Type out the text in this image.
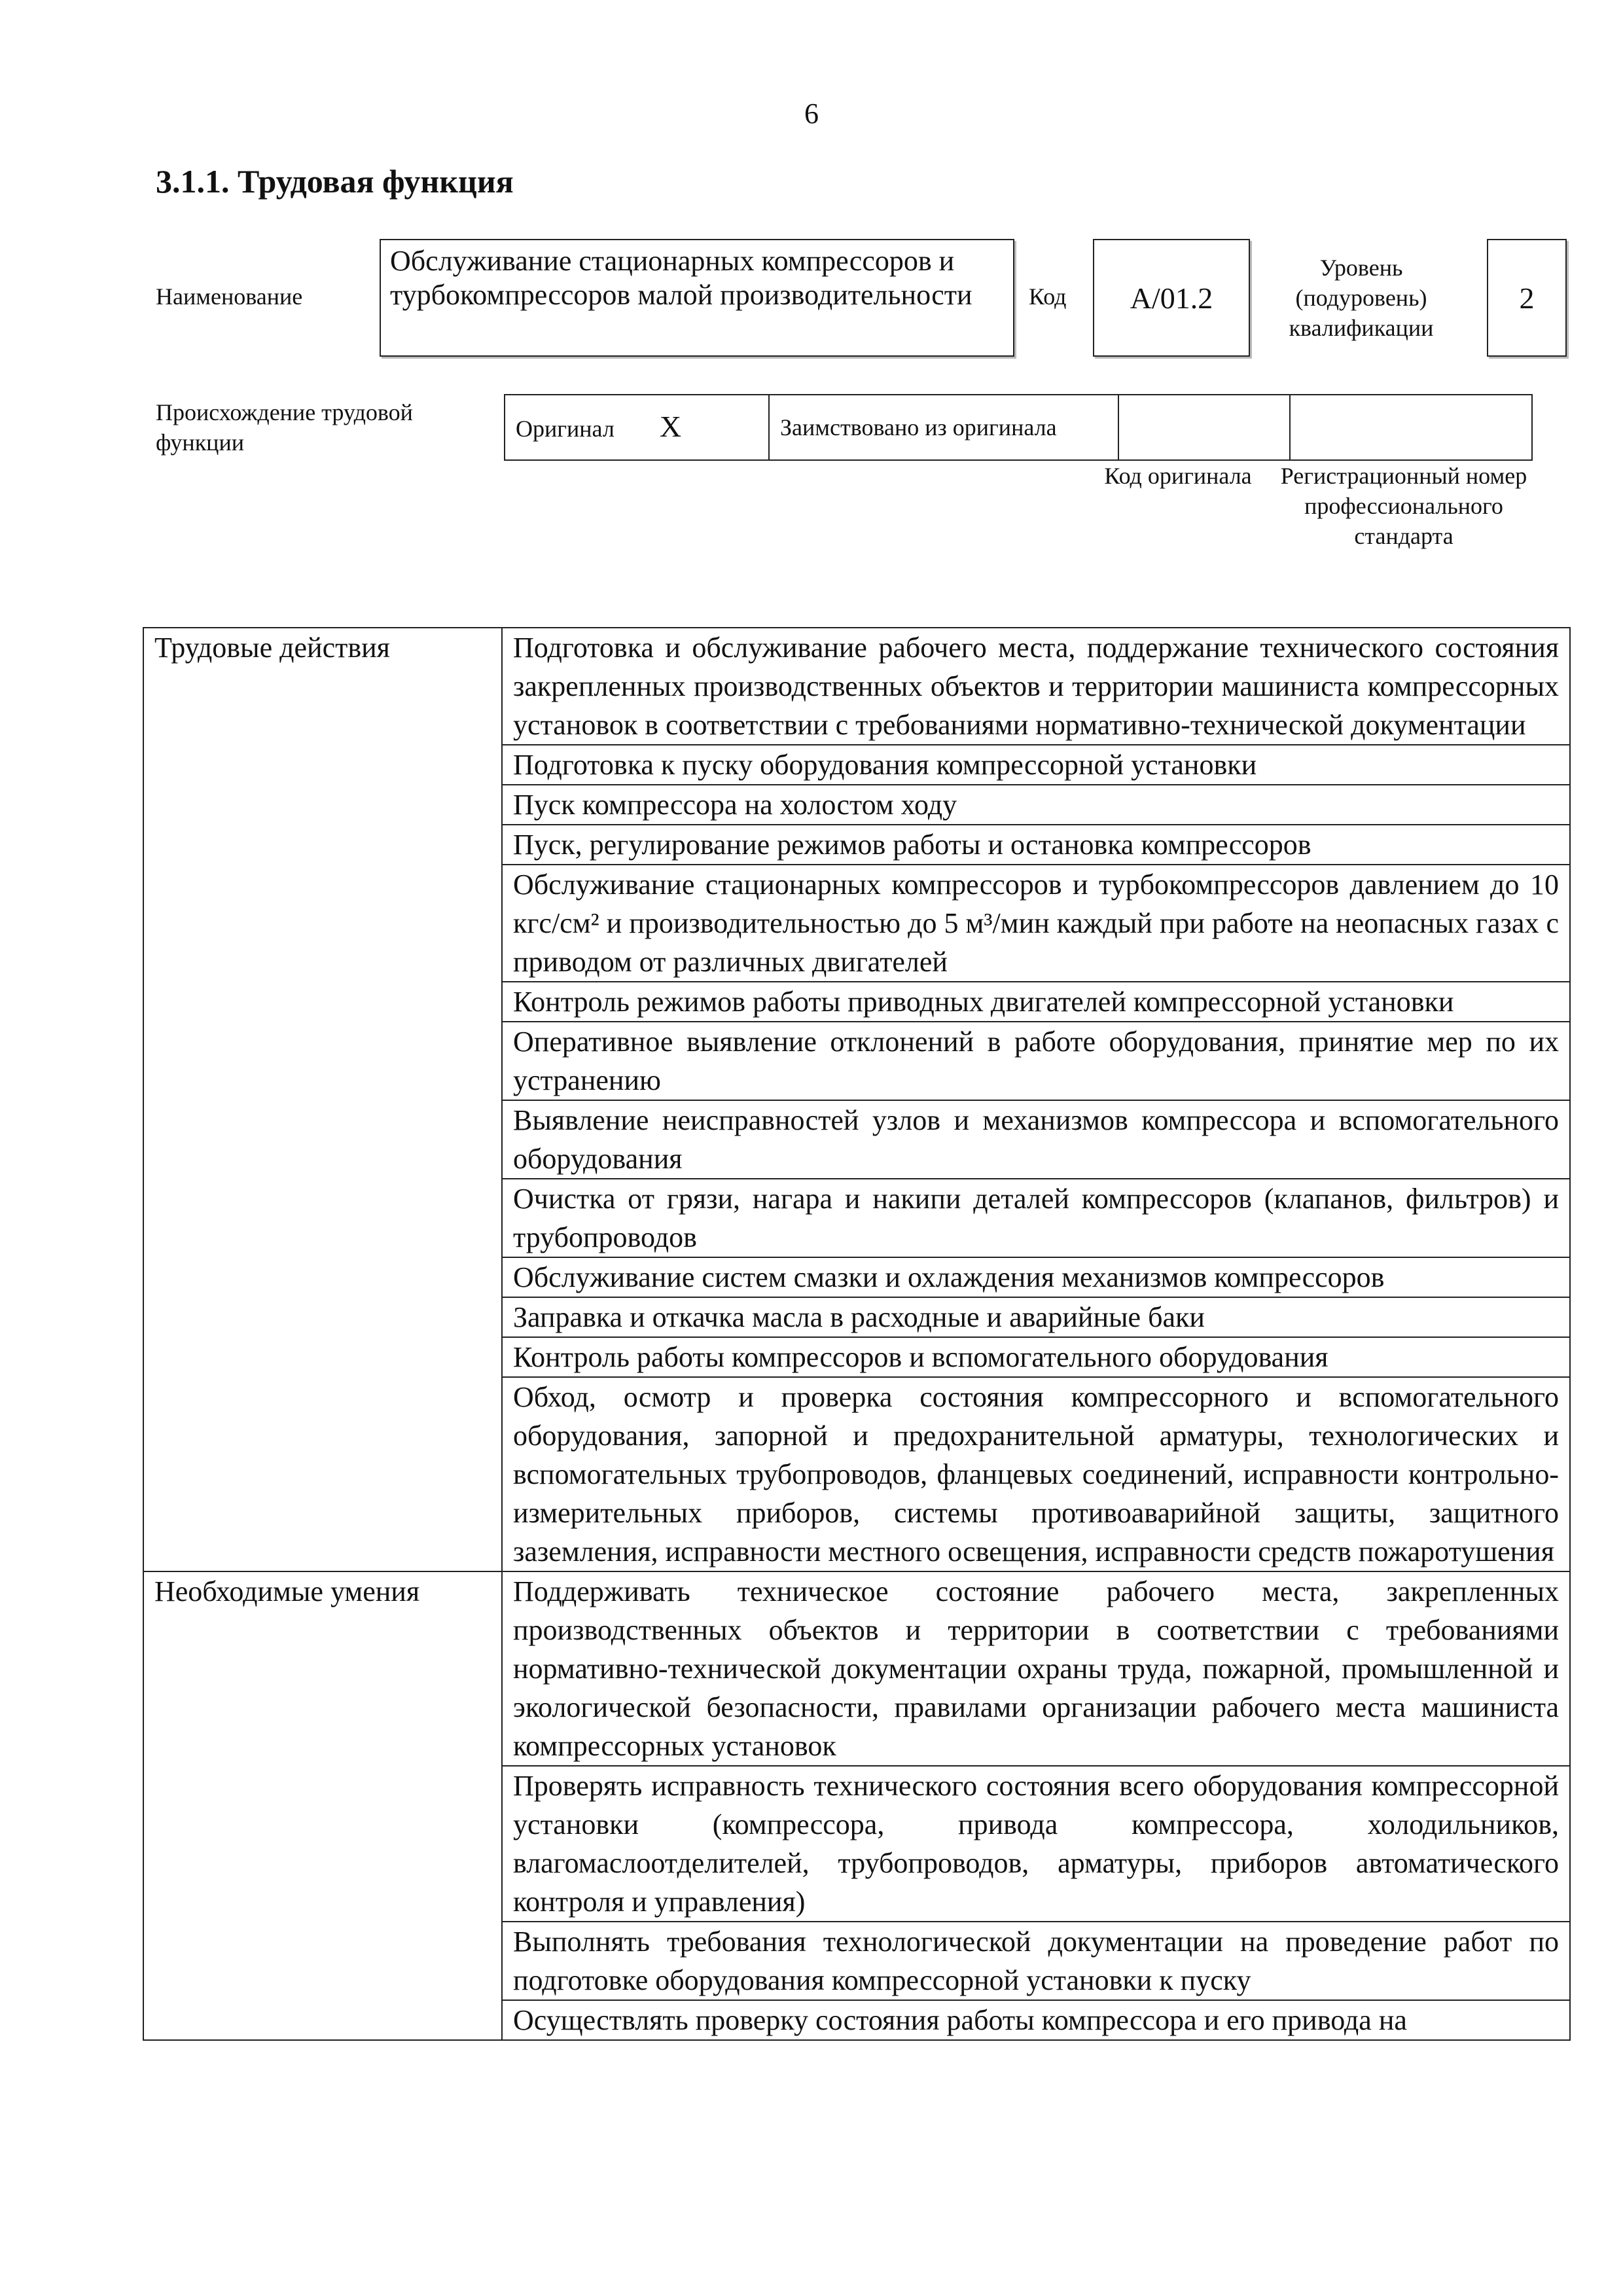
6
3.1.1. Трудовая функция
Наименование
Обслуживание стационарных компрессоров и турбокомпрессоров малой производительности	Код А/01.2
Уровень (подуровень) квалификации
2
Происхождение трудовой функции
Оригинал X	Заимствовано из оригинала		
Код оригинала	Регистрационный номер профессионального стандарта
Трудовые действия	Подготовка и обслуживание рабочего места, поддержание технического состояния закрепленных производственных объектов и территории машиниста компрессорных установок в соответствии с требованиями нормативно-технической документации
	Подготовка к пуску оборудования компрессорной установки
	Пуск компрессора на холостом ходу
	Пуск, регулирование режимов работы и остановка компрессоров
	Обслуживание стационарных компрессоров и турбокомпрессоров давлением до 10 кгс/см² и производительностью до 5 м³/мин каждый при работе на неопасных газах с приводом от различных двигателей
	Контроль режимов работы приводных двигателей компрессорной установки
	Оперативное выявление отклонений в работе оборудования, принятие мер по их устранению
	Выявление неисправностей узлов и механизмов компрессора и вспомогательного оборудования
	Очистка от грязи, нагара и накипи деталей компрессоров (клапанов, фильтров) и трубопроводов
	Обслуживание систем смазки и охлаждения механизмов компрессоров
	Заправка и откачка масла в расходные и аварийные баки
	Контроль работы компрессоров и вспомогательного оборудования
	Обход, осмотр и проверка состояния компрессорного и вспомогательного оборудования, запорной и предохранительной арматуры, технологических и вспомогательных трубопроводов, фланцевых соединений, исправности контрольно-измерительных приборов, системы противоаварийной защиты, защитного заземления, исправности местного освещения, исправности средств пожаротушения
Необходимые умения	Поддерживать техническое состояние рабочего места, закрепленных производственных объектов и территории в соответствии с требованиями нормативно-технической документации охраны труда, пожарной, промышленной и экологической безопасности, правилами организации рабочего места машиниста компрессорных установок
	Проверять исправность технического состояния всего оборудования компрессорной установки (компрессора, привода компрессора, холодильников, влагомаслоотделителей, трубопроводов, арматуры, приборов автоматического контроля и управления)
	Выполнять требования технологической документации на проведение работ по подготовке оборудования компрессорной установки к пуску
	Осуществлять проверку состояния работы компрессора и его привода на
